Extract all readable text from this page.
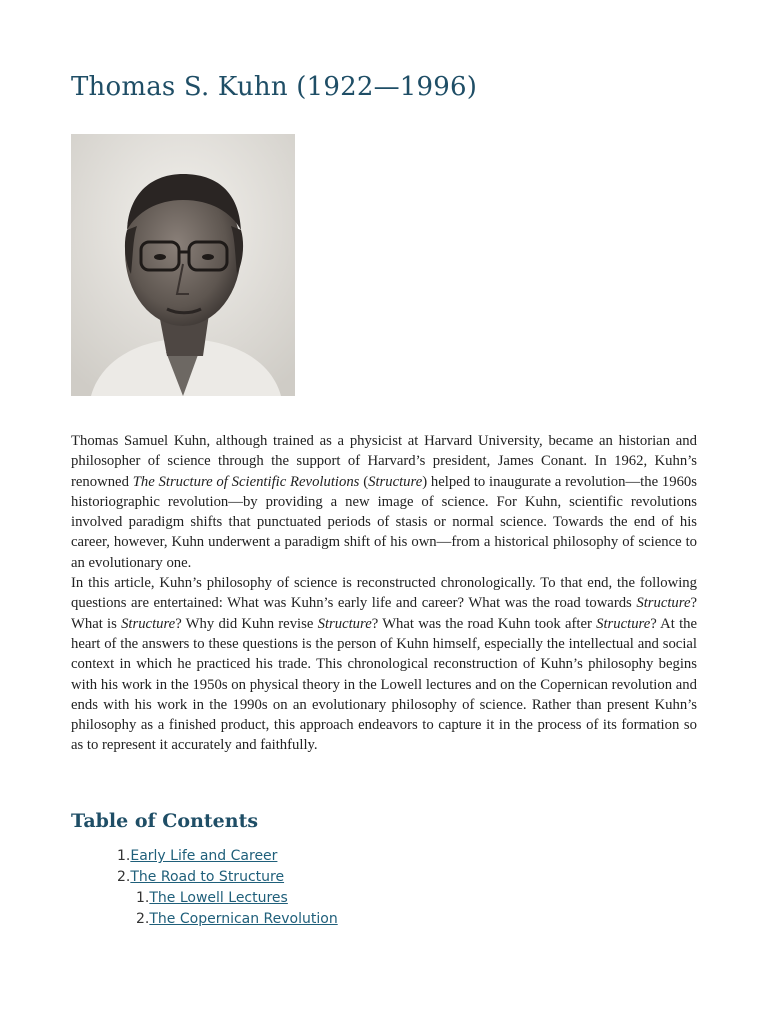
Thomas S. Kuhn (1922—1996)

Thomas Samuel Kuhn, although trained as a physicist at Harvard University, became an historian and philosopher of science through the support of Harvard’s president, James Conant. In 1962, Kuhn’s renowned The Structure of Scientific Revolutions (Structure) helped to inaugurate a revolution—the 1960s historiographic revolution—by providing a new image of science. For Kuhn, scientific revolutions involved paradigm shifts that punctuated periods of stasis or normal science. Towards the end of his career, however, Kuhn underwent a paradigm shift of his own—from a historical philosophy of science to an evolutionary one.

In this article, Kuhn’s philosophy of science is reconstructed chronologically. To that end, the following questions are entertained: What was Kuhn’s early life and career? What was the road towards Structure? What is Structure? Why did Kuhn revise Structure? What was the road Kuhn took after Structure? At the heart of the answers to these questions is the person of Kuhn himself, especially the intellectual and social context in which he practiced his trade. This chronological reconstruction of Kuhn’s philosophy begins with his work in the 1950s on physical theory in the Lowell lectures and on the Copernican revolution and ends with his work in the 1990s on an evolutionary philosophy of science. Rather than present Kuhn’s philosophy as a finished product, this approach endeavors to capture it in the process of its formation so as to represent it accurately and faithfully.

Table of Contents
1.Early Life and Career
2.The Road to Structure
1.The Lowell Lectures
2.The Copernican Revolution
